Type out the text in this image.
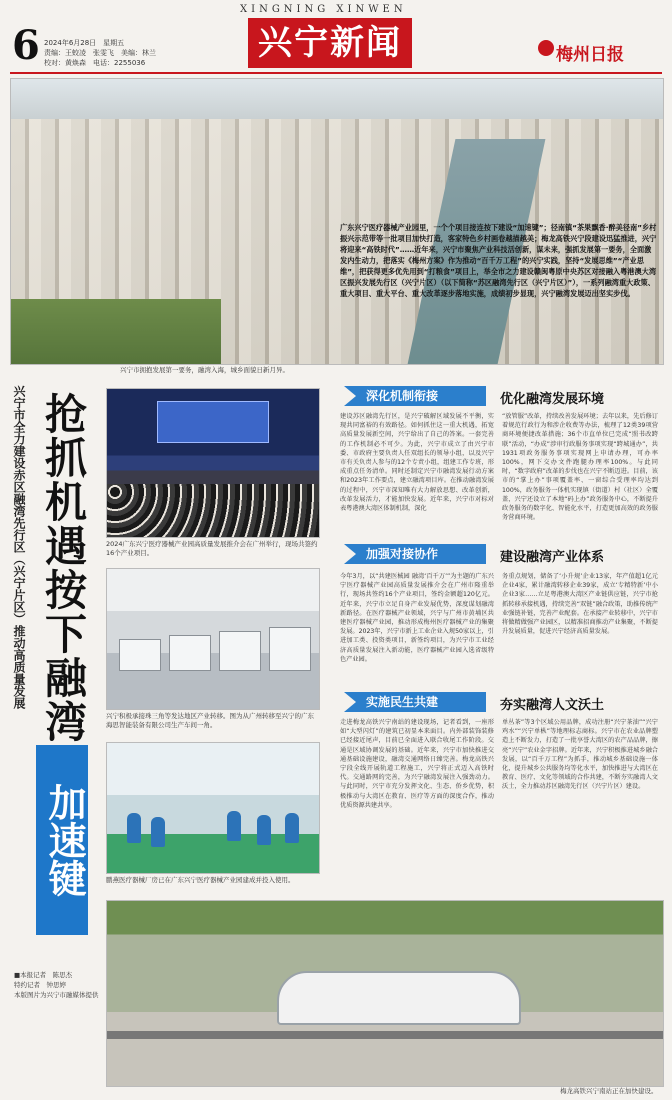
XINGNING XINWEN
6 2024年6月28日　星期五
责编：王蛟凌　张雯飞　美编：林兰
校对：黄焕森　电话：2255036	兴宁新闻	梅州日报
兴宁市拥抱发展第一要务，融湾入海，城乡面貌日新月异。
广东兴宁医疗器械产业园里，一个个项目接连按下建设“加速键”；径南镇“茶果飘香·醉美径南”乡村振兴示范带等一批项目加快打造，客家特色乡村画卷越描越美；梅龙高铁兴宁段建设迅猛推进，兴宁将迎来“高铁时代”……近年来，兴宁市聚焦产业科技活创新，谋未来，强抓发展第一要务，全面激发内生动力，把落实《梅州方案》作为推动“百千万工程”的兴宁实践，坚持“发展思维”“产业思维”，把获得更多优先用到“打粮食”项目上，举全市之力建设赣闽粤原中央苏区对接融入粤港澳大湾区振兴发展先行区（兴宁片区）（以下简称“苏区融湾先行区（兴宁片区）”），一系列融湾重大政策、重大项目、重大平台、重大改革逐步落地实施，成绩初步显现，兴宁融湾发展迈出坚实步伐。
兴宁市全力建设赤区融湾先行区（兴宁片区）推动高质量发展 抢抓机遇按下融湾
加速键
■本报记者　陈思杰
特约记者　钟思婷
本版图片为兴宁市融媒体提供
2024广东兴宁医疗器械产业园高质量发展推介会在广州举行，现场共签约16个产业项目。
兴宁积极承接珠三角等发达地区产业转移。图为从广州转移至兴宁的广东海思智能装备有限公司生产车间一角。
鹏燕医疗器械厂房已在广东兴宁医疗器械产业园建成并投入使用。
深化机制衔接	优化融湾发展环境
建设苏区融湾先行区，是兴宁破解区域发展不平衡，实现共同富裕的有效路径。如何抓住这一重大机遇，拓宽高质量发展新空间，兴宁给出了自己的答案。一套完善的工作机制必不可少。为此，兴宁市成立了由兴宁市委、市政府主要负责人任双组长的领导小组，以及兴宁市有关负责人参与的12个专责小组，组建工作专班，形成重点任务清单。同时还制定兴宁市融湾发展行动方案和2023年工作要点，建立融湾项目库。在推动融湾发展的过程中，兴宁市深知唯有大力解放思想、改革创新，改革发展活力，才能加快发展。近年来，兴宁市对标对表粤港澳大湾区体制机制，深化
“放管服”改革，持续改善发展环境；去年以来，先后修订着规范行政行为和涉企收费等办法，梳理了12类39项营商环境便捷改革措施；36个市直单位已完成“照书改跨联”活动，“办成”涉审行政服务事项实现“跨城通办”，共1931项政务服务事项实现网上申请办理，可办率100%，网下交办文件跑腿办理率100%。与此同时，“数字政府”改革的步伐也在兴宁不断迈进。目前，该市的“掌上办”事项覆盖率、一窗综合受理率均达到100%，政务服务一体机实现镇（街道）村（社区）全覆盖，兴宁还设立了本地“码上办”政务服务中心，不断提升政务服务的数字化、智能化水平，打造更加高效的政务服务营商环境。
加强对接协作	建设融湾产业体系
今年3月，以“共建医械园 融湾‘百千万’”为主题的广东兴宁医疗器械产业园高质量发展推介会在广州市隆重举行，现场共签约16个产业项目，签约金额超120亿元。近年来，兴宁市立足自身产业发展优势，深度谋划融湾新路径。在医疗器械产业领域，兴宁与广州市黄埔区共建医疗器械产业园，推动形成梅州医疗器械产业的集聚发展。2023年，兴宁市新上工业企业入规50家以上，引进加工类、投资类项目，新签约项目，为兴宁市工业经济高质量发展注入新动能，医疗器械产业园入选省级特色产业园。
务重点规划，储备了‘小升规’企业13家，年产值超1亿元企业4家，累计融湾转移企业39家，成立‘专精特新’中小企业3家……立足粤港澳大湾区产业链供应链，兴宁市抢抓转移承接机遇，持续完善“双链”融合政策，助推传统产业强链补链，完善产业配套。在承接产业转移中，兴宁市将做精做强产业园区，以精准招商推动产业集聚，不断提升发展质量，促进兴宁经济高质量发展。
实施民生共建	夯实融湾人文沃土
走进梅龙高铁兴宁南站的建设现场，记者看到，一座形如“大型闪灯”的建筑已初显本来面目。内外部装饰装修已经接近尾声，目前已全面进入联合收尾工作阶段。交通是区域协调发展的基础。近年来，兴宁市加快推进交通基础设施建设，融湾交通网络日臻完善。梅龙高铁兴宁段全线开展轨道工程施工，兴宁将正式迈入高铁时代。交通路网的完善，为兴宁融湾发展注入强劲动力。与此同时，兴宁市充分发挥文化、生态、侨乡优势，积极推动与大湾区在教育、医疗等方面的深度合作，推动优质资源共建共享。
单丛茶”等3个区域公用品牌，成功注册“兴宁茶油”“兴宁鸡水”“兴宁单枞”等地理标志商标。兴宁市在农业品牌塑造上不断发力，打造了一批享誉大湾区的农产品品牌，擦亮“兴宁”农业金字招牌。近年来，兴宁积极推进城乡融合发展，以“百千万工程”为抓手，推动城乡基础设施一体化，提升城乡公共服务均等化水平，加快推进与大湾区在教育、医疗、文化等领域的合作共建，不断夯实融湾人文沃土，全力推动苏区融湾先行区（兴宁片区）建设。
梅龙高铁兴宁南站正在加快建设。
